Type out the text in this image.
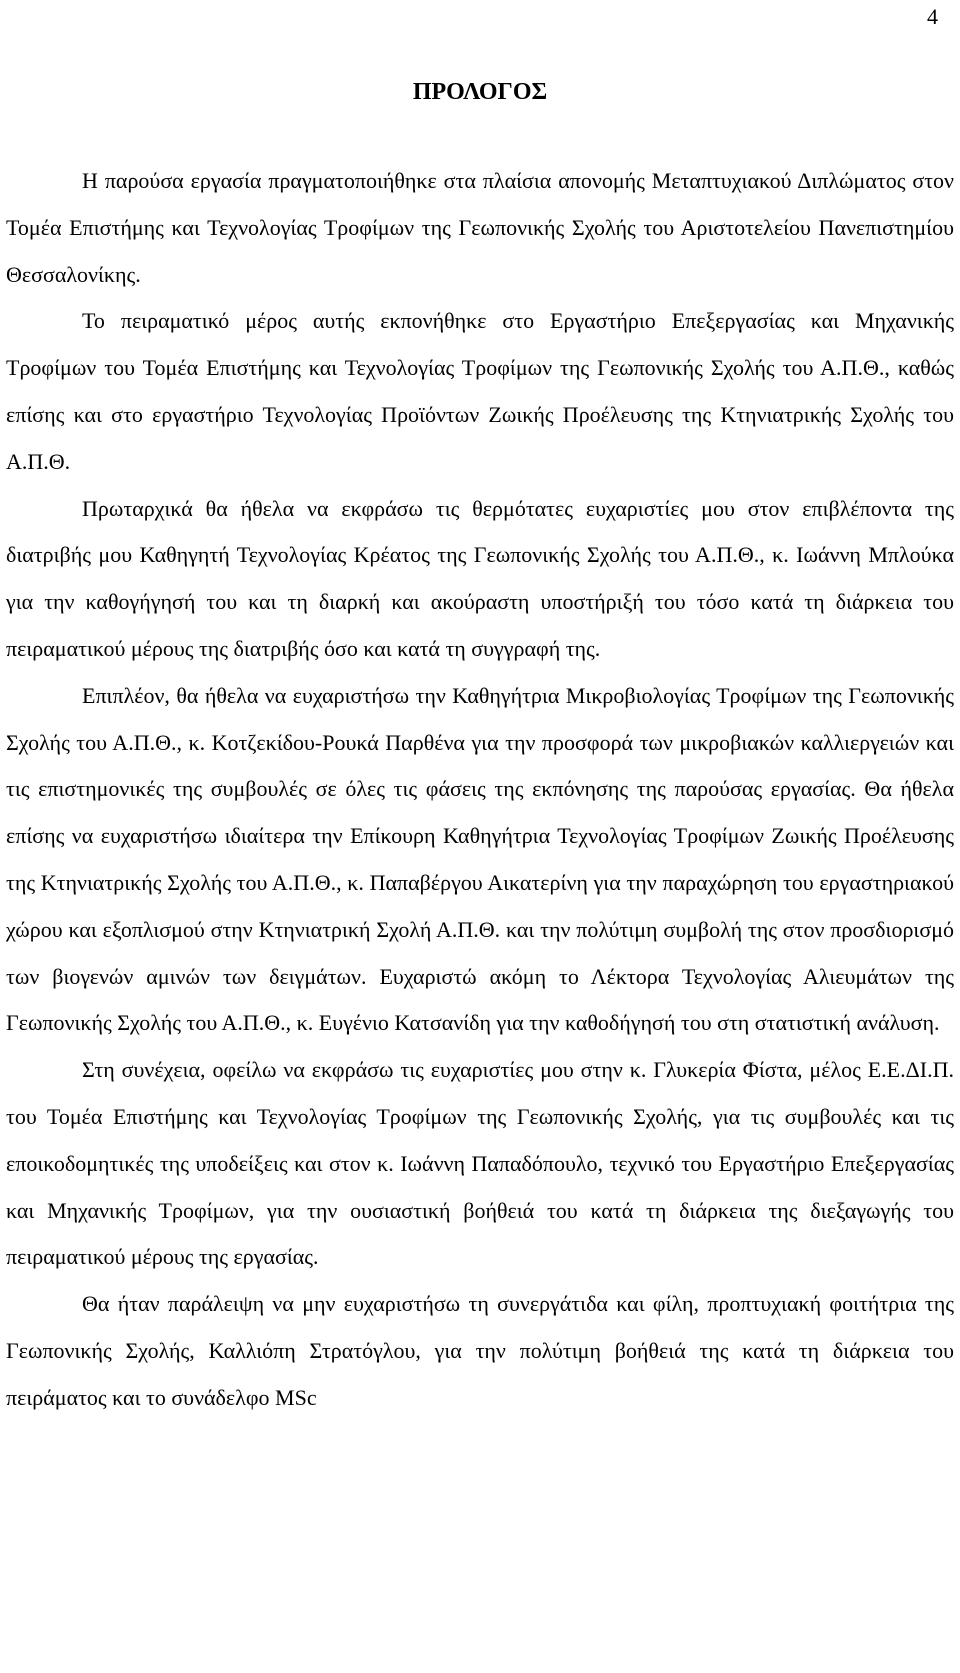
4
ΠΡΟΛΟΓΟΣ

Η παρούσα εργασία πραγματοποιήθηκε στα πλαίσια απονομής Μεταπτυχιακού Διπλώματος στον Τομέα Επιστήμης και Τεχνολογίας Τροφίμων της Γεωπονικής Σχολής του Αριστοτελείου Πανεπιστημίου Θεσσαλονίκης.

Το πειραματικό μέρος αυτής εκπονήθηκε στο Εργαστήριο Επεξεργασίας και Μηχανικής Τροφίμων του Τομέα Επιστήμης και Τεχνολογίας Τροφίμων της Γεωπονικής Σχολής του Α.Π.Θ., καθώς επίσης και στο εργαστήριο Τεχνολογίας Προϊόντων Ζωικής Προέλευσης της Κτηνιατρικής Σχολής του Α.Π.Θ.

Πρωταρχικά θα ήθελα να εκφράσω τις θερμότατες ευχαριστίες μου στον επιβλέποντα της διατριβής μου Καθηγητή Τεχνολογίας Κρέατος της Γεωπονικής Σχολής του Α.Π.Θ., κ. Ιωάννη Μπλούκα για την καθογήγησή του και τη διαρκή και ακούραστη υποστήριξή του τόσο κατά τη διάρκεια του πειραματικού μέρους της διατριβής όσο και κατά τη συγγραφή της.

Επιπλέον, θα ήθελα να ευχαριστήσω την Καθηγήτρια Μικροβιολογίας Τροφίμων της Γεωπονικής Σχολής του Α.Π.Θ., κ. Κοτζεκίδου-Ρουκά Παρθένα για την προσφορά των μικροβιακών καλλιεργειών και τις επιστημονικές της συμβουλές σε όλες τις φάσεις της εκπόνησης της παρούσας εργασίας. Θα ήθελα επίσης να ευχαριστήσω ιδιαίτερα την Επίκουρη Καθηγήτρια Τεχνολογίας Τροφίμων Ζωικής Προέλευσης της Κτηνιατρικής Σχολής του Α.Π.Θ., κ. Παπαβέργου Αικατερίνη για την παραχώρηση του εργαστηριακού χώρου και εξοπλισμού στην Κτηνιατρική Σχολή Α.Π.Θ. και την πολύτιμη συμβολή της στον προσδιορισμό των βιογενών αμινών των δειγμάτων. Ευχαριστώ ακόμη το Λέκτορα Τεχνολογίας Αλιευμάτων της Γεωπονικής Σχολής του Α.Π.Θ., κ. Ευγένιο Κατσανίδη για την καθοδήγησή του στη στατιστική ανάλυση.

Στη συνέχεια, οφείλω να εκφράσω τις ευχαριστίες μου στην κ. Γλυκερία Φίστα, μέλος Ε.Ε.ΔΙ.Π. του Τομέα Επιστήμης και Τεχνολογίας Τροφίμων της Γεωπονικής Σχολής, για τις συμβουλές και τις εποικοδομητικές της υποδείξεις και στον κ. Ιωάννη Παπαδόπουλο, τεχνικό του Εργαστήριο Επεξεργασίας και Μηχανικής Τροφίμων, για την ουσιαστική βοήθειά του κατά τη διάρκεια της διεξαγωγής του πειραματικού μέρους της εργασίας.

Θα ήταν παράλειψη να μην ευχαριστήσω τη συνεργάτιδα και φίλη, προπτυχιακή φοιτήτρια της Γεωπονικής Σχολής, Καλλιόπη Στρατόγλου, για την πολύτιμη βοήθειά της κατά τη διάρκεια του πειράματος και το συνάδελφο MSc
